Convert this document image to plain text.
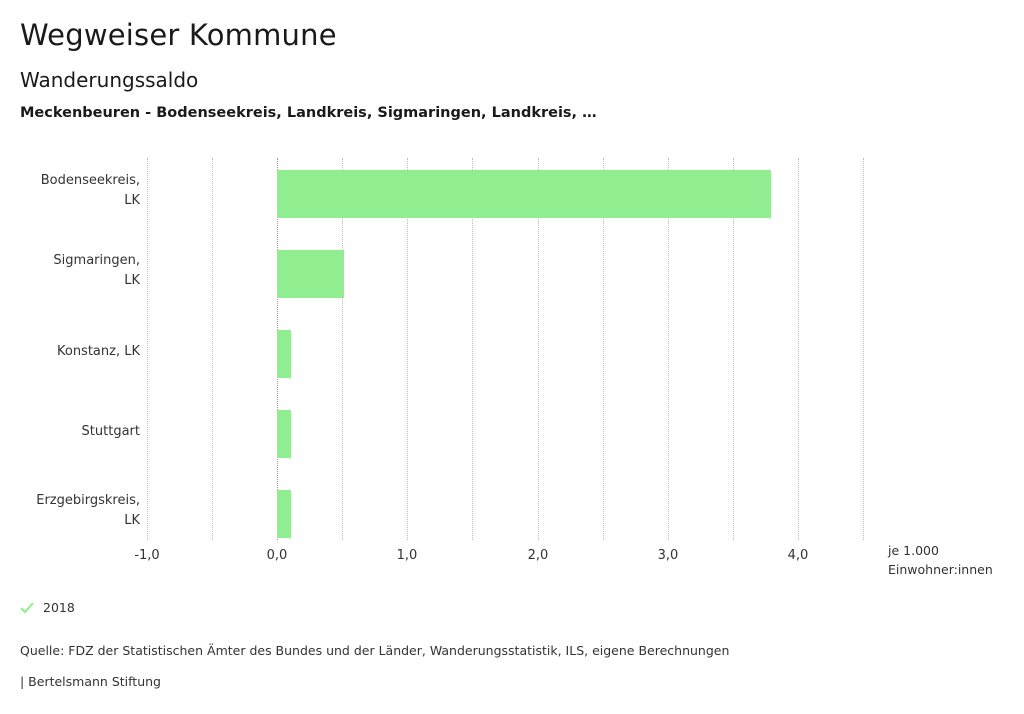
Wegweiser Kommune
Wanderungssaldo
Meckenbeuren - Bodenseekreis, Landkreis, Sigmaringen, Landkreis, …
Bodenseekreis,
LK
Sigmaringen,
LK
Konstanz, LK
Stuttgart
Erzgebirgskreis,
LK
-1,0	0,0	1,0	2,0	3,0	4,0	je 1.000
Einwohner:innen
2018
Quelle: FDZ der Statistischen Ämter des Bundes und der Länder, Wanderungsstatistik, ILS, eigene Berechnungen
| Bertelsmann Stiftung
